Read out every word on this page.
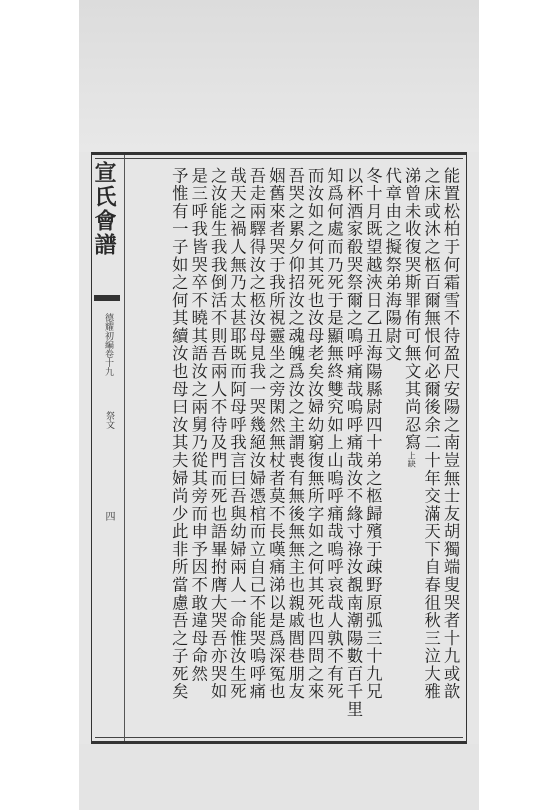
宣氏會譜
德耀初編卷十九
祭文
四	能置松柏于何霜雪不待盈尺安陽之南豈無士友胡獨端叟哭者十九或歆
之床或沐之柩百爾無恨何必爾後余二十年交滿天下自春徂秋三泣大雅
涕曾未收復哭斯罪侑可無文其尚忍寫上缺
代章由之擬祭弟海陽尉文
冬十月既望越浹日乙丑海陽縣尉四十弟之柩歸殯于疎野原弧三十九兄
以杯酒家殽哭祭爾之鳴呼痛哉嗚呼痛哉汝不緣寸祿汝覩南潮陽數百千里
知爲何處而乃死于是顯無終雙究如上山嗚呼痛哉嗚呼哀哉人孰不有死
而汝如之何其死也汝母老矣汝婦幼窮復無所字如之何其死也四問之來
吾哭之累夕仰招汝之魂魄爲汝之主謂喪有無後無無主也親戚閭巷朋友
姻舊來者哭于我所視靈坐之旁閑然無杖者莫不長嘆痛涕以是爲深冤也
吾走兩驛得汝之柩汝母見我一哭幾絕汝婦憑棺而立自己不能哭嗚呼痛
哉天之禍人無乃太甚耶既而阿母呼我言曰吾與幼婦兩人一命惟汝生死
之汝能生我我倒活不則吾兩人不待及門而死也語畢拊膺大哭吾亦哭如
是三呼我皆哭卒不曉其語汝之兩舅乃從其旁而申予因不敢違母命然
予惟有一子如之何其續汝也母曰汝其夫婦尚少此非所當慮吾之子死矣
